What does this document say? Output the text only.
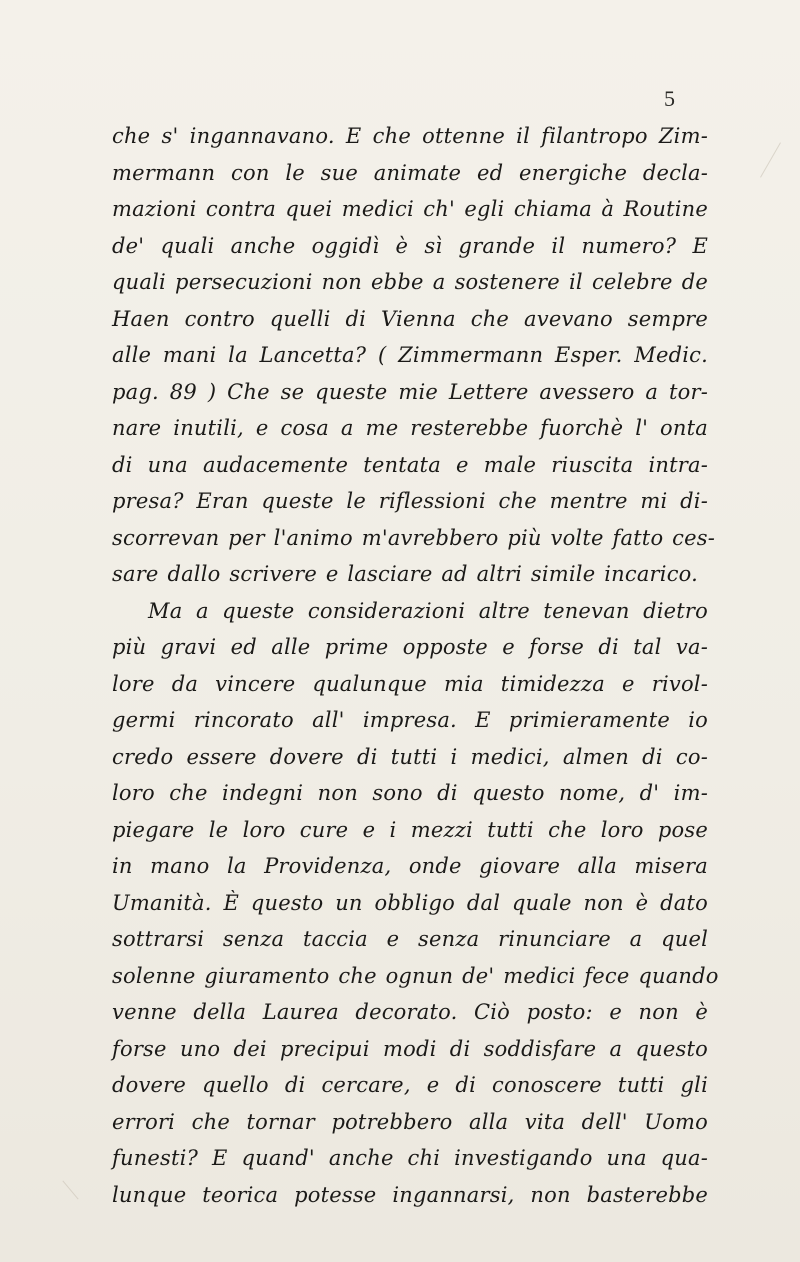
5
che s' ingannavano. E che ottenne il filantropo Zim-
mermann con le sue animate ed energiche decla-
mazioni contra quei medici ch' egli chiama à Routine
de' quali anche oggidì è sì grande il numero? E
quali persecuzioni non ebbe a sostenere il celebre de
Haen contro quelli di Vienna che avevano sempre
alle mani la Lancetta? ( Zimmermann Esper. Medic.
pag. 89 ) Che se queste mie Lettere avessero a tor-
nare inutili, e cosa a me resterebbe fuorchè l' onta
di una audacemente tentata e male riuscita intra-
presa? Eran queste le riflessioni che mentre mi di-
scorrevan per l'animo m'avrebbero più volte fatto ces-
sare dallo scrivere e lasciare ad altri simile incarico.
Ma a queste considerazioni altre tenevan dietro
più gravi ed alle prime opposte e forse di tal va-
lore da vincere qualunque mia timidezza e rivol-
germi rincorato all' impresa. E primieramente io
credo essere dovere di tutti i medici, almen di co-
loro che indegni non sono di questo nome, d' im-
piegare le loro cure e i mezzi tutti che loro pose
in mano la Providenza, onde giovare alla misera
Umanità. È questo un obbligo dal quale non è dato
sottrarsi senza taccia e senza rinunciare a quel
solenne giuramento che ognun de' medici fece quando
venne della Laurea decorato. Ciò posto: e non è
forse uno dei precipui modi di soddisfare a questo
dovere quello di cercare, e di conoscere tutti gli
errori che tornar potrebbero alla vita dell' Uomo
funesti? E quand' anche chi investigando una qua-
lunque teorica potesse ingannarsi, non basterebbe
